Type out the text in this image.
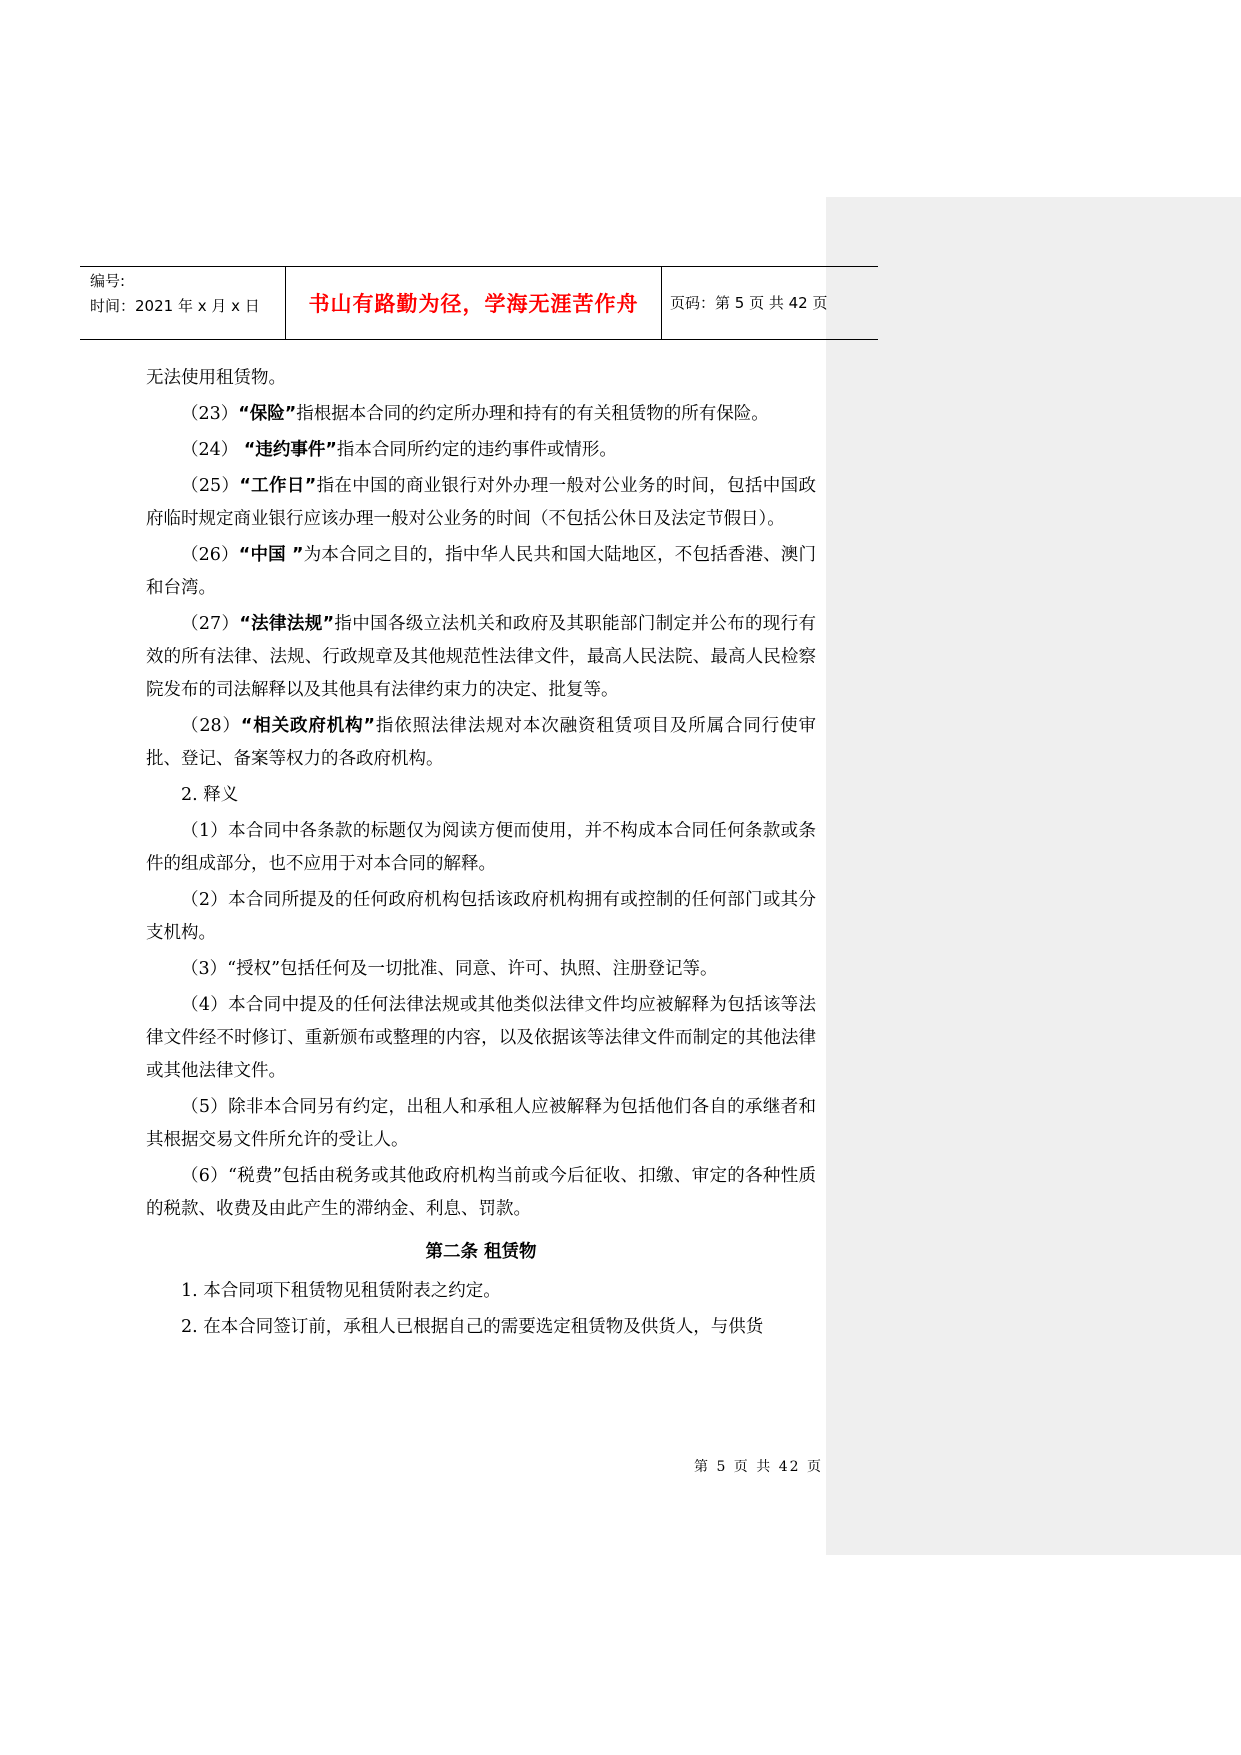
编号:
时间：2021 年 x 月 x 日	书山有路勤为径，学海无涯苦作舟 页码：第 5 页 共 42 页

无法使用租赁物。

（23）“保险”指根据本合同的约定所办理和持有的有关租赁物的所有保险。

（24） “违约事件”指本合同所约定的违约事件或情形。

（25）“工作日”指在中国的商业银行对外办理一般对公业务的时间，包括中国政府临时规定商业银行应该办理一般对公业务的时间（不包括公休日及法定节假日）。

（26）“中国 ”为本合同之目的，指中华人民共和国大陆地区，不包括香港、澳门和台湾。

（27）“法律法规”指中国各级立法机关和政府及其职能部门制定并公布的现行有效的所有法律、法规、行政规章及其他规范性法律文件，最高人民法院、最高人民检察院发布的司法解释以及其他具有法律约束力的决定、批复等。

（28）“相关政府机构”指依照法律法规对本次融资租赁项目及所属合同行使审批、登记、备案等权力的各政府机构。

2. 释义

（1）本合同中各条款的标题仅为阅读方便而使用，并不构成本合同任何条款或条件的组成部分，也不应用于对本合同的解释。

（2）本合同所提及的任何政府机构包括该政府机构拥有或控制的任何部门或其分支机构。

（3）“授权”包括任何及一切批准、同意、许可、执照、注册登记等。

（4）本合同中提及的任何法律法规或其他类似法律文件均应被解释为包括该等法律文件经不时修订、重新颁布或整理的内容，以及依据该等法律文件而制定的其他法律或其他法律文件。

（5）除非本合同另有约定，出租人和承租人应被解释为包括他们各自的承继者和其根据交易文件所允许的受让人。

（6）“税费”包括由税务或其他政府机构当前或今后征收、扣缴、审定的各种性质的税款、收费及由此产生的滞纳金、利息、罚款。

第二条 租赁物

1. 本合同项下租赁物见租赁附表之约定。

2. 在本合同签订前，承租人已根据自己的需要选定租赁物及供货人，与供货

第 5 页 共 42 页
